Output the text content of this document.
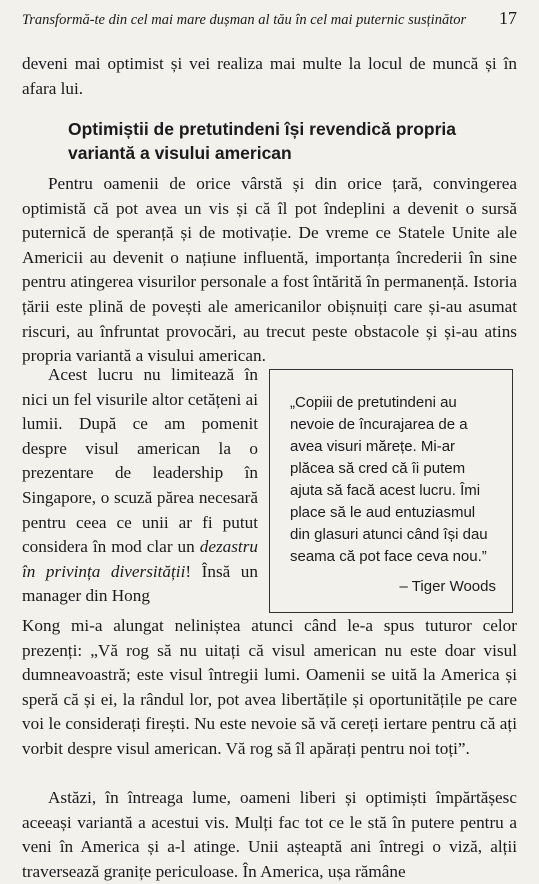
Transformă-te din cel mai mare dușman al tău în cel mai puternic susținător 17

deveni mai optimist și vei realiza mai multe la locul de muncă și în afara lui.

Optimiștii de pretutindeni își revendică propria variantă a visului american

Pentru oamenii de orice vârstă și din orice țară, convingerea optimistă că pot avea un vis și că îl pot îndeplini a devenit o sursă puternică de speranță și de motivație. De vreme ce Statele Unite ale Americii au devenit o națiune influentă, importanța încrederii în sine pentru atingerea visurilor personale a fost întărită în permanență. Istoria țării este plină de povești ale americanilor obișnuiți care și-au asumat riscuri, au înfruntat provocări, au trecut peste obstacole și și-au atins propria variantă a visului american.

Acest lucru nu limitează în nici un fel visurile altor cetățeni ai lumii. După ce am pomenit despre visul american la o prezentare de leadership în Singapore, o scuză părea necesară pentru ceea ce unii ar fi putut considera în mod clar un dezastru în privința diversității! Însă un manager din Hong

„Copiii de pretutindeni au nevoie de încurajarea de a avea visuri mărețe. Mi-ar plăcea să cred că îi putem ajuta să facă acest lucru. Îmi place să le aud entuziasmul din glasuri atunci când își dau seama că pot face ceva nou.”

– Tiger Woods

Kong mi-a alungat neliniștea atunci când le-a spus tuturor celor prezenți: „Vă rog să nu uitați că visul american nu este doar visul dumneavoastră; este visul întregii lumi. Oamenii se uită la America și speră că și ei, la rândul lor, pot avea libertățile și oportunitățile pe care voi le considerați firești. Nu este nevoie să vă cereți iertare pentru că ați vorbit despre visul american. Vă rog să îl apărați pentru noi toți”.

Astăzi, în întreaga lume, oameni liberi și optimiști împărtășesc aceeași variantă a acestui vis. Mulți fac tot ce le stă în putere pentru a veni în America și a-l atinge. Unii așteaptă ani întregi o viză, alții traversează granițe periculoase. În America, ușa rămâne
